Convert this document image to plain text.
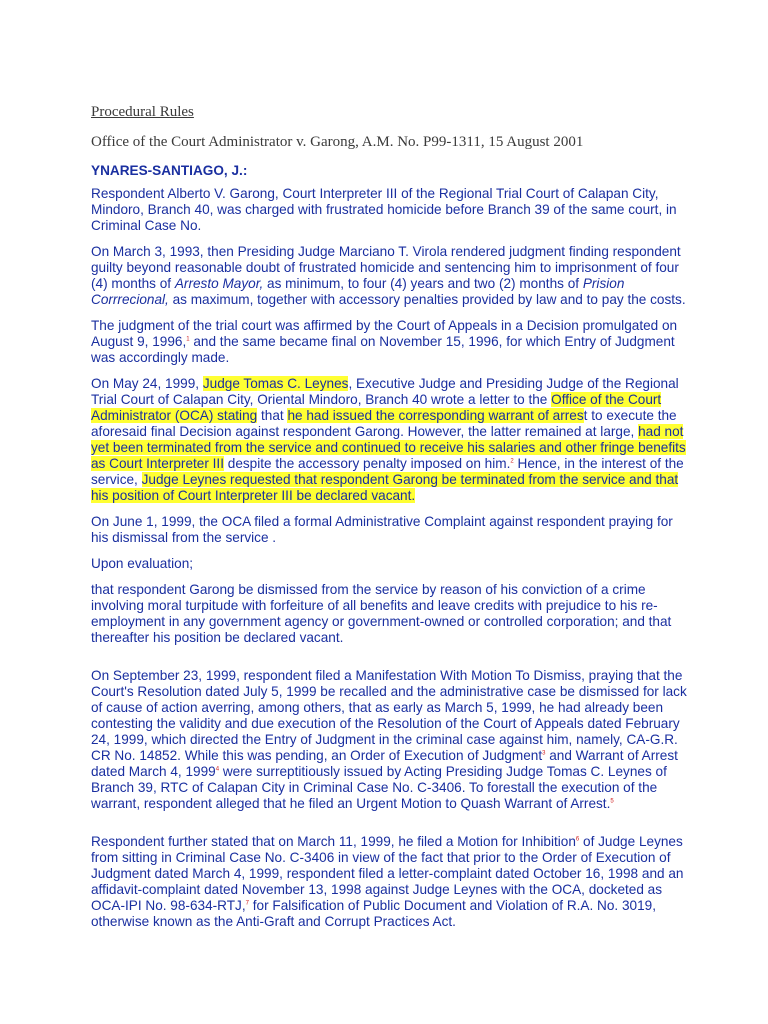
Procedural Rules

Office of the Court Administrator v. Garong, A.M. No. P99-1311, 15 August 2001

YNARES-SANTIAGO, J.:

Respondent Alberto V. Garong, Court Interpreter III of the Regional Trial Court of Calapan City, Mindoro, Branch 40, was charged with frustrated homicide before Branch 39 of the same court, in Criminal Case No.

On March 3, 1993, then Presiding Judge Marciano T. Virola rendered judgment finding respondent guilty beyond reasonable doubt of frustrated homicide and sentencing him to imprisonment of four (4) months of Arresto Mayor, as minimum, to four (4) years and two (2) months of Prision Corrrecional, as maximum, together with accessory penalties provided by law and to pay the costs.

The judgment of the trial court was affirmed by the Court of Appeals in a Decision promulgated on August 9, 1996,$^1$ and the same became final on November 15, 1996, for which Entry of Judgment was accordingly made.

On May 24, 1999, Judge Tomas C. Leynes, Executive Judge and Presiding Judge of the Regional Trial Court of Calapan City, Oriental Mindoro, Branch 40 wrote a letter to the Office of the Court Administrator (OCA) stating that he had issued the corresponding warrant of arrest to execute the aforesaid final Decision against respondent Garong. However, the latter remained at large, had not yet been terminated from the service and continued to receive his salaries and other fringe benefits as Court Interpreter III despite the accessory penalty imposed on him.$^2$ Hence, in the interest of the service, Judge Leynes requested that respondent Garong be terminated from the service and that his position of Court Interpreter III be declared vacant.

On June 1, 1999, the OCA filed a formal Administrative Complaint against respondent praying for his dismissal from the service .

Upon evaluation;

that respondent Garong be dismissed from the service by reason of his conviction of a crime involving moral turpitude with forfeiture of all benefits and leave credits with prejudice to his re-employment in any government agency or government-owned or controlled corporation; and that thereafter his position be declared vacant.

On September 23, 1999, respondent filed a Manifestation With Motion To Dismiss, praying that the Court's Resolution dated July 5, 1999 be recalled and the administrative case be dismissed for lack of cause of action averring, among others, that as early as March 5, 1999, he had already been contesting the validity and due execution of the Resolution of the Court of Appeals dated February 24, 1999, which directed the Entry of Judgment in the criminal case against him, namely, CA-G.R. CR No. 14852. While this was pending, an Order of Execution of Judgment$^3$ and Warrant of Arrest dated March 4, 1999$^4$ were surreptitiously issued by Acting Presiding Judge Tomas C. Leynes of Branch 39, RTC of Calapan City in Criminal Case No. C-3406. To forestall the execution of the warrant, respondent alleged that he filed an Urgent Motion to Quash Warrant of Arrest.$^5$

Respondent further stated that on March 11, 1999, he filed a Motion for Inhibition$^6$ of Judge Leynes from sitting in Criminal Case No. C-3406 in view of the fact that prior to the Order of Execution of Judgment dated March 4, 1999, respondent filed a letter-complaint dated October 16, 1998 and an affidavit-complaint dated November 13, 1998 against Judge Leynes with the OCA, docketed as OCA-IPI No. 98-634-RTJ,$^7$ for Falsification of Public Document and Violation of R.A. No. 3019, otherwise known as the Anti-Graft and Corrupt Practices Act.
